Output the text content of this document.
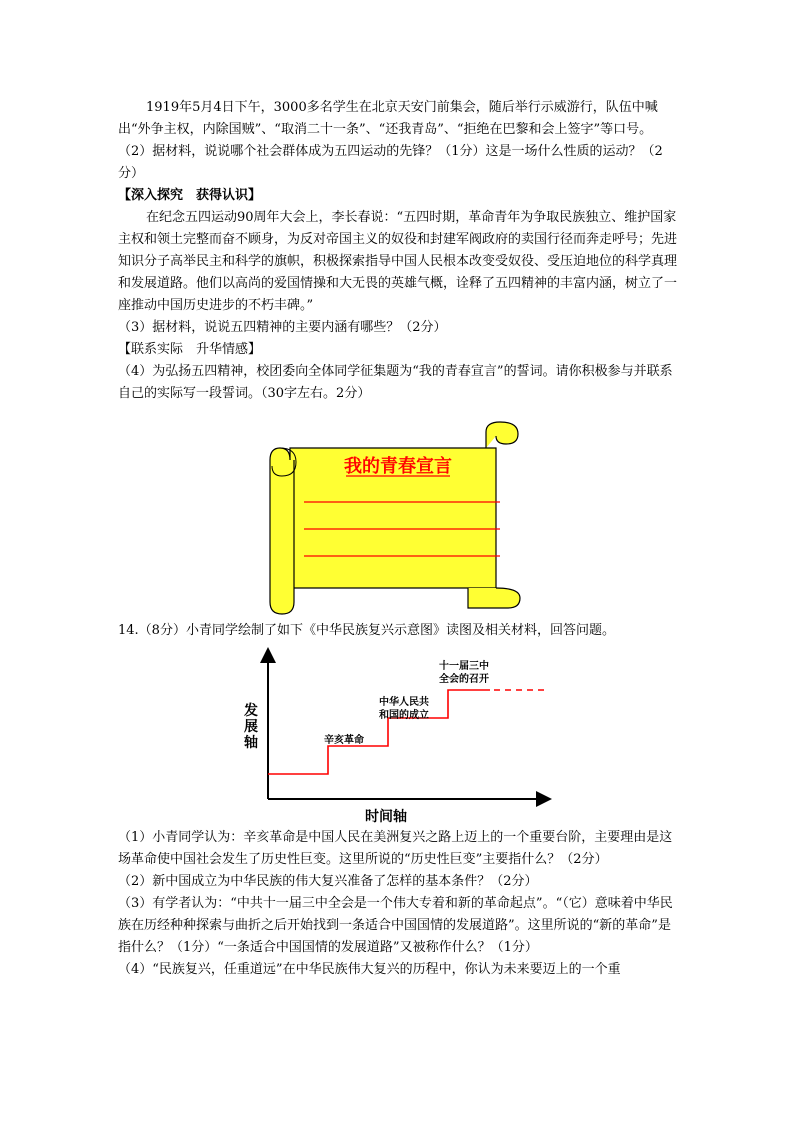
1919年5月4日下午，3000多名学生在北京天安门前集会，随后举行示威游行，队伍中喊出“外争主权，内除国贼”、“取消二十一条”、“还我青岛”、“拒绝在巴黎和会上签字”等口号。

（2）据材料，说说哪个社会群体成为五四运动的先锋？（1分）这是一场什么性质的运动？（2分）

【深入探究　获得认识】

在纪念五四运动90周年大会上，李长春说：“五四时期，革命青年为争取民族独立、维护国家主权和领土完整而奋不顾身，为反对帝国主义的奴役和封建军阀政府的卖国行径而奔走呼号；先进知识分子高举民主和科学的旗帜，积极探索指导中国人民根本改变受奴役、受压迫地位的科学真理和发展道路。他们以高尚的爱国情操和大无畏的英雄气概，诠释了五四精神的丰富内涵，树立了一座推动中国历史进步的不朽丰碑。”

（3）据材料，说说五四精神的主要内涵有哪些？（2分）

【联系实际　升华情感】

（4）为弘扬五四精神，校团委向全体同学征集题为“我的青春宣言”的誓词。请你积极参与并联系自己的实际写一段誓词。（30字左右。2分）

我的青春宣言

14.（8分）小青同学绘制了如下《中华民族复兴示意图》读图及相关材料，回答问题。

发
展
轴
时间轴
辛亥革命
中华人民共
和国的成立
十一届三中
全会的召开

（1）小青同学认为：辛亥革命是中国人民在美洲复兴之路上迈上的一个重要台阶，主要理由是这场革命使中国社会发生了历史性巨变。这里所说的“历史性巨变”主要指什么？（2分）

（2）新中国成立为中华民族的伟大复兴准备了怎样的基本条件？（2分）

（3）有学者认为：“中共十一届三中全会是一个伟大专着和新的革命起点”。“（它）意味着中华民族在历经种种探索与曲折之后开始找到一条适合中国国情的发展道路”。这里所说的“新的革命”是指什么？（1分）“一条适合中国国情的发展道路”又被称作什么？（1分）

（4）“民族复兴，任重道远”在中华民族伟大复兴的历程中，你认为未来要迈上的一个重
